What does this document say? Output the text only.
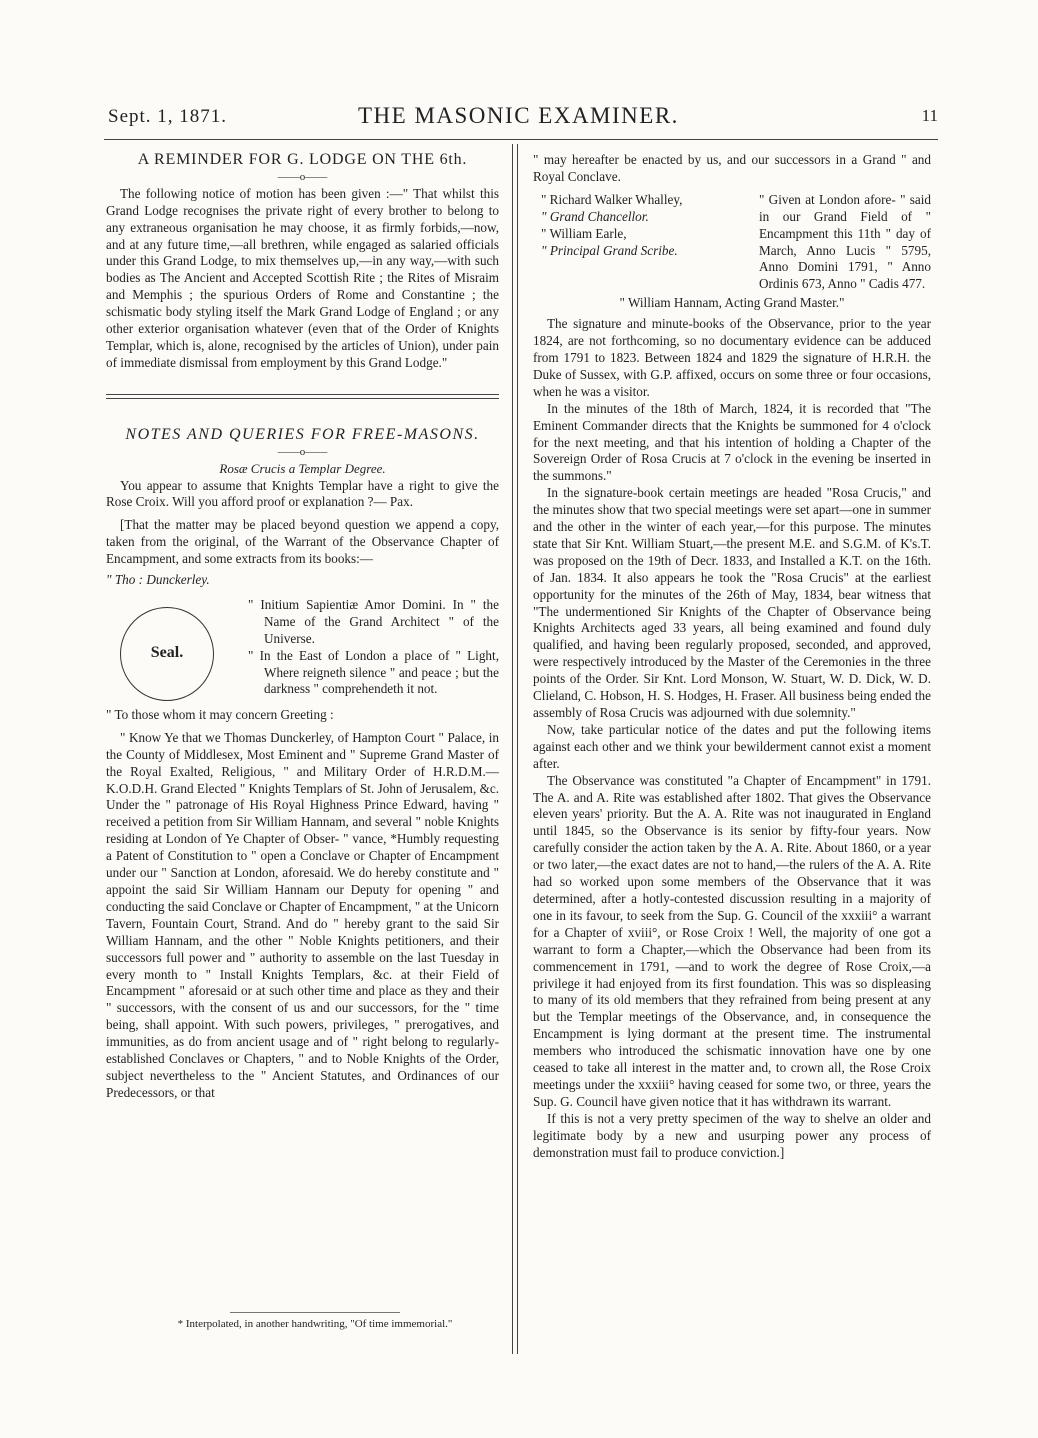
Sept. 1, 1871.	THE MASONIC EXAMINER.	11

A REMINDER FOR G. LODGE ON THE 6th.

——o——

The following notice of motion has been given :—" That whilst this Grand Lodge recognises the private right of every brother to belong to any extraneous organisation he may choose, it as firmly forbids,—now, and at any future time,—all brethren, while engaged as salaried officials under this Grand Lodge, to mix themselves up,—in any way,—with such bodies as The Ancient and Accepted Scottish Rite ; the Rites of Misraim and Memphis ; the spurious Orders of Rome and Constantine ; the schismatic body styling itself the Mark Grand Lodge of England ; or any other exterior organisation whatever (even that of the Order of Knights Templar, which is, alone, recognised by the articles of Union), under pain of immediate dismissal from employment by this Grand Lodge."

NOTES AND QUERIES FOR FREE-MASONS.

——o——

Rosæ Crucis a Templar Degree.

You appear to assume that Knights Templar have a right to give the Rose Croix. Will you afford proof or explanation ?— Pax.

[That the matter may be placed beyond question we append a copy, taken from the original, of the Warrant of the Observance Chapter of Encampment, and some extracts from its books:—

" Tho : Dunckerley.

Seal.

" Initium Sapientiæ Amor Domini. In " the Name of the Grand Architect " of the Universe.

" In the East of London a place of " Light, Where reigneth silence " and peace ; but the darkness " comprehendeth it not.

" To those whom it may concern Greeting :

" Know Ye that we Thomas Dunckerley, of Hampton Court " Palace, in the County of Middlesex, Most Eminent and " Supreme Grand Master of the Royal Exalted, Religious, " and Military Order of H.R.D.M.—K.O.D.H. Grand Elected " Knights Templars of St. John of Jerusalem, &c. Under the " patronage of His Royal Highness Prince Edward, having " received a petition from Sir William Hannam, and several " noble Knights residing at London of Ye Chapter of Obser- " vance, *Humbly requesting a Patent of Constitution to " open a Conclave or Chapter of Encampment under our " Sanction at London, aforesaid. We do hereby constitute and " appoint the said Sir William Hannam our Deputy for opening " and conducting the said Conclave or Chapter of Encampment, " at the Unicorn Tavern, Fountain Court, Strand. And do " hereby grant to the said Sir William Hannam, and the other " Noble Knights petitioners, and their successors full power and " authority to assemble on the last Tuesday in every month to " Install Knights Templars, &c. at their Field of Encampment " aforesaid or at such other time and place as they and their " successors, with the consent of us and our successors, for the " time being, shall appoint. With such powers, privileges, " prerogatives, and immunities, as do from ancient usage and of " right belong to regularly-established Conclaves or Chapters, " and to Noble Knights of the Order, subject nevertheless to the " Ancient Statutes, and Ordinances of our Predecessors, or that

* Interpolated, in another handwriting, "Of time immemorial."

" may hereafter be enacted by us, and our successors in a Grand " and Royal Conclave.

" Richard Walker Whalley,

" Grand Chancellor.

" William Earle,

" Principal Grand Scribe.

" Given at London afore- " said in our Grand Field of " Encampment this 11th " day of March, Anno Lucis " 5795, Anno Domini 1791, " Anno Ordinis 673, Anno " Cadis 477.

" William Hannam, Acting Grand Master."

The signature and minute-books of the Observance, prior to the year 1824, are not forthcoming, so no documentary evidence can be adduced from 1791 to 1823. Between 1824 and 1829 the signature of H.R.H. the Duke of Sussex, with G.P. affixed, occurs on some three or four occasions, when he was a visitor.

In the minutes of the 18th of March, 1824, it is recorded that "The Eminent Commander directs that the Knights be summoned for 4 o'clock for the next meeting, and that his intention of holding a Chapter of the Sovereign Order of Rosa Crucis at 7 o'clock in the evening be inserted in the summons."

In the signature-book certain meetings are headed "Rosa Crucis," and the minutes show that two special meetings were set apart—one in summer and the other in the winter of each year,—for this purpose. The minutes state that Sir Knt. William Stuart,—the present M.E. and S.G.M. of K's.T. was proposed on the 19th of Decr. 1833, and Installed a K.T. on the 16th. of Jan. 1834. It also appears he took the "Rosa Crucis" at the earliest opportunity for the minutes of the 26th of May, 1834, bear witness that "The undermentioned Sir Knights of the Chapter of Observance being Knights Architects aged 33 years, all being examined and found duly qualified, and having been regularly proposed, seconded, and approved, were respectively introduced by the Master of the Ceremonies in the three points of the Order. Sir Knt. Lord Monson, W. Stuart, W. D. Dick, W. D. Clieland, C. Hobson, H. S. Hodges, H. Fraser. All business being ended the assembly of Rosa Crucis was adjourned with due solemnity."

Now, take particular notice of the dates and put the following items against each other and we think your bewilderment cannot exist a moment after.

The Observance was constituted "a Chapter of Encampment" in 1791. The A. and A. Rite was established after 1802. That gives the Observance eleven years' priority. But the A. A. Rite was not inaugurated in England until 1845, so the Observance is its senior by fifty-four years. Now carefully consider the action taken by the A. A. Rite. About 1860, or a year or two later,—the exact dates are not to hand,—the rulers of the A. A. Rite had so worked upon some members of the Observance that it was determined, after a hotly-contested discussion resulting in a majority of one in its favour, to seek from the Sup. G. Council of the xxxiii° a warrant for a Chapter of xviii°, or Rose Croix ! Well, the majority of one got a warrant to form a Chapter,—which the Observance had been from its commencement in 1791, —and to work the degree of Rose Croix,—a privilege it had enjoyed from its first foundation. This was so displeasing to many of its old members that they refrained from being present at any but the Templar meetings of the Observance, and, in consequence the Encampment is lying dormant at the present time. The instrumental members who introduced the schismatic innovation have one by one ceased to take all interest in the matter and, to crown all, the Rose Croix meetings under the xxxiii° having ceased for some two, or three, years the Sup. G. Council have given notice that it has withdrawn its warrant.

If this is not a very pretty specimen of the way to shelve an older and legitimate body by a new and usurping power any process of demonstration must fail to produce conviction.]
